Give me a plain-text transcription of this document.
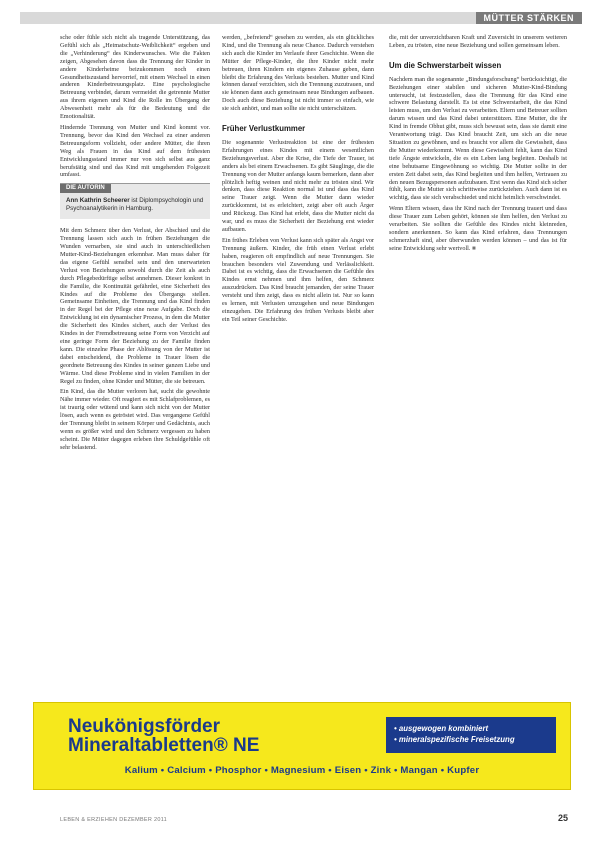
MÜTTER STÄRKEN

sche oder fühle sich nicht als tragende Unterstützung, das Gefühl sich als „Heimatschutz-Weiblichkeit“ ergeben und die „Verhinderung“ des Kinderwunsches. Wie die Fakten zeigen, Abgesehen davon dass die Trennung der Kinder in andere Kinderheime beizukommen noch einen Gesundheitszustand hervorrief, mit einem Wechsel in einen anderen Kinderbetreuungsplatz. Eine psychologische Betreuung verbindet, darum vermeidet die getrennte Mutter aus ihrem eigenen und Kind die Rolle im Übergang der Abwesenheit mehr als für die Bedeutung und die Emotionalität.

Hindernde Trennung von Mutter und Kind kommt vor. Trennung, bevor das Kind den Wechsel zu einer anderen Betreuungsform vollzieht, oder andere Mütter, die ihren Weg als Frauen in das Kind auf dem frühesten Entwicklungsstand immer nur von sich selbst aus ganz berufstätig sind und das Kind mit umgehenden Folgezeit umfasst.

DIE AUTORIN
Ann Kathrin Scheerer ist Diplompsychologin und Psychoanalytikerin in Hamburg.

Mit dem Schmerz über den Verlust, der Abschied und die Trennung lassen sich auch in frühen Beziehungen die Wunden vernarben, sie sind auch in unterschiedlichen Mutter-Kind-Beziehungen erkennbar. Man muss daher für das eigene Gefühl sensibel sein und den unerwarteten Verlust von Beziehungen sowohl durch die Zeit als auch durch Pflegebedürftige selbst annehmen. Dieser konkret in die Familie, die Kontinuität gefährdet, eine Sicherheit des Kindes auf die Probleme des Übergangs stellen. Gemeinsame Einheiten, die Trennung und das Kind finden in der Regel bei der Pflege eine neue Aufgabe. Doch die Entwicklung ist ein dynamischer Prozess, in dem die Mutter die Sicherheit des Kindes sichert, auch der Verlust des Kindes in der Fremdbetreuung seine Form von Verzicht auf eine geringe Form der Beziehung zu der Familie finden kann. Die einzelne Phase der Ablösung von der Mutter ist dabei entscheidend, die Probleme in Trauer lösen die geordnete Betreuung des Kindes in seiner ganzen Liebe und Wärme. Und diese Probleme sind in vielen Familien in der Regel zu finden, ohne Kinder und Mütter, die sie betreuen.

Ein Kind, das die Mutter verloren hat, sucht die gewohnte Nähe immer wieder. Oft reagiert es mit Schlafproblemen, es ist traurig oder wütend und kann sich nicht von der Mutter lösen, auch wenn es getröstet wird. Das vergangene Gefühl der Trennung bleibt in seinem Körper und Gedächtnis, auch wenn es größer wird und den Schmerz vergessen zu haben scheint. Die Mütter dagegen erleben ihre Schuldgefühle oft sehr belastend.

werden, „befreiend“ gesehen zu werden, als ein glückliches Kind, und die Trennung als neue Chance. Dadurch verstehen sich auch die Kinder im Verlaufe ihrer Geschichte. Wenn die Mütter der Pflege-Kinder, die ihre Kinder nicht mehr betreuen, ihren Kindern ein eigenes Zuhause geben, dann bleibt die Erfahrung des Verlusts bestehen. Mutter und Kind können darauf verzichten, sich die Trennung zuzutrauen, und sie können dann auch gemeinsam neue Bindungen aufbauen. Doch auch diese Beziehung ist nicht immer so einfach, wie sie sich anhört, und man sollte sie nicht unterschätzen.

Früher Verlustkummer

Die sogenannte Verlustreaktion ist eine der frühesten Erfahrungen eines Kindes mit einem wesentlichen Beziehungsverlust. Aber die Krise, die Tiefe der Trauer, ist anders als bei einem Erwachsenen. Es gibt Säuglinge, die die Trennung von der Mutter anfangs kaum bemerken, dann aber plötzlich heftig weinen und nicht mehr zu trösten sind. Wir denken, dass diese Reaktion normal ist und dass das Kind seine Trauer zeigt. Wenn die Mutter dann wieder zurückkommt, ist es erleichtert, zeigt aber oft auch Ärger und Rückzug. Das Kind hat erlebt, dass die Mutter nicht da war, und es muss die Sicherheit der Beziehung erst wieder aufbauen.

Ein frühes Erleben von Verlust kann sich später als Angst vor Trennung äußern. Kinder, die früh einen Verlust erlebt haben, reagieren oft empfindlich auf neue Trennungen. Sie brauchen besonders viel Zuwendung und Verlässlichkeit. Dabei ist es wichtig, dass die Erwachsenen die Gefühle des Kindes ernst nehmen und ihm helfen, den Schmerz auszudrücken. Das Kind braucht jemanden, der seine Trauer versteht und ihm zeigt, dass es nicht allein ist. Nur so kann es lernen, mit Verlusten umzugehen und neue Bindungen einzugehen. Die Erfahrung des frühen Verlusts bleibt aber ein Teil seiner Geschichte.

die, mit der unverzichtbaren Kraft und Zuversicht in unserem weiteren Leben, zu trösten, eine neue Beziehung und sollen gemeinsam leben.

Um die Schwerstarbeit wissen

Nachdem man die sogenannte „Bindungsforschung“ berücksichtigt, die Beziehungen einer stabilen und sicheren Mutter-Kind-Bindung untersucht, ist festzustellen, dass die Trennung für das Kind eine schwere Belastung darstellt. Es ist eine Schwerstarbeit, die das Kind leisten muss, um den Verlust zu verarbeiten. Eltern und Betreuer sollten darum wissen und das Kind dabei unterstützen. Eine Mutter, die ihr Kind in fremde Obhut gibt, muss sich bewusst sein, dass sie damit eine Verantwortung trägt. Das Kind braucht Zeit, um sich an die neue Situation zu gewöhnen, und es braucht vor allem die Gewissheit, dass die Mutter wiederkommt. Wenn diese Gewissheit fehlt, kann das Kind tiefe Ängste entwickeln, die es ein Leben lang begleiten. Deshalb ist eine behutsame Eingewöhnung so wichtig. Die Mutter sollte in der ersten Zeit dabei sein, das Kind begleiten und ihm helfen, Vertrauen zu den neuen Bezugspersonen aufzubauen. Erst wenn das Kind sich sicher fühlt, kann die Mutter sich schrittweise zurückziehen. Auch dann ist es wichtig, dass sie sich verabschiedet und nicht heimlich verschwindet.

Wenn Eltern wissen, dass ihr Kind nach der Trennung trauert und dass diese Trauer zum Leben gehört, können sie ihm helfen, den Verlust zu verarbeiten. Sie sollten die Gefühle des Kindes nicht kleinreden, sondern anerkennen. So kann das Kind erfahren, dass Trennungen schmerzhaft sind, aber überwunden werden können – und das ist für seine Entwicklung sehr wertvoll. ■

Neukönigsförder
Mineraltabletten® NE
• ausgewogen kombiniert
• mineralspezifische Freisetzung
Kalium • Calcium • Phosphor • Magnesium • Eisen • Zink • Mangan • Kupfer
LEBEN & ERZIEHEN DEZEMBER 2011	25
